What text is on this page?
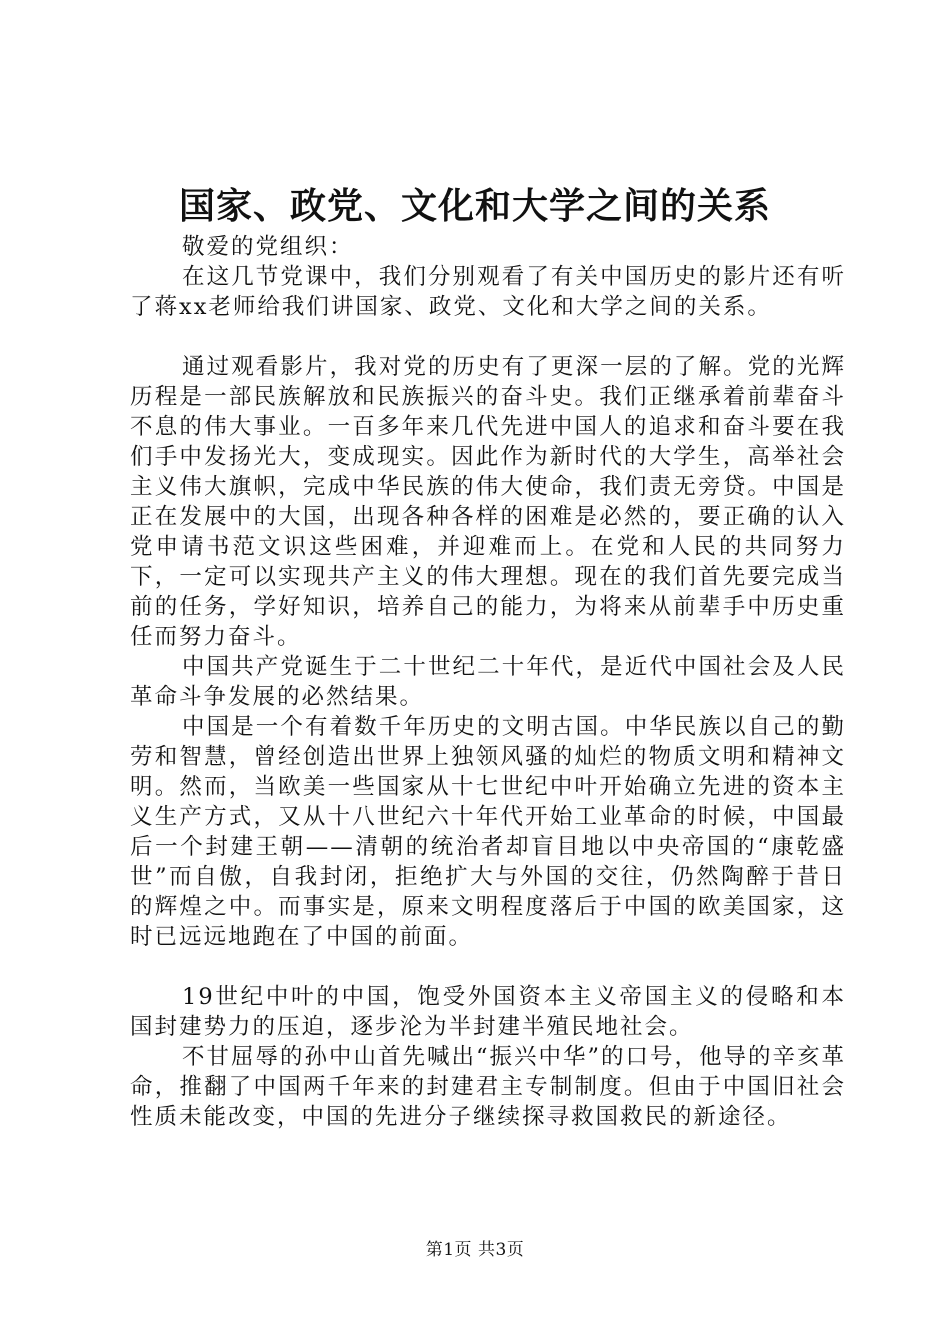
国家、政党、文化和大学之间的关系

敬爱的党组织：

在这几节党课中，我们分别观看了有关中国历史的影片还有听了蒋xx老师给我们讲国家、政党、文化和大学之间的关系。

通过观看影片，我对党的历史有了更深一层的了解。党的光辉历程是一部民族解放和民族振兴的奋斗史。我们正继承着前辈奋斗不息的伟大事业。一百多年来几代先进中国人的追求和奋斗要在我们手中发扬光大，变成现实。因此作为新时代的大学生，高举社会主义伟大旗帜，完成中华民族的伟大使命，我们责无旁贷。中国是正在发展中的大国，出现各种各样的困难是必然的，要正确的认入党申请书范文识这些困难，并迎难而上。在党和人民的共同努力下，一定可以实现共产主义的伟大理想。现在的我们首先要完成当前的任务，学好知识，培养自己的能力，为将来从前辈手中历史重任而努力奋斗。

中国共产党诞生于二十世纪二十年代，是近代中国社会及人民革命斗争发展的必然结果。

中国是一个有着数千年历史的文明古国。中华民族以自己的勤劳和智慧，曾经创造出世界上独领风骚的灿烂的物质文明和精神文明。然而，当欧美一些国家从十七世纪中叶开始确立先进的资本主义生产方式，又从十八世纪六十年代开始工业革命的时候，中国最后一个封建王朝——清朝的统治者却盲目地以中央帝国的“康乾盛世”而自傲，自我封闭，拒绝扩大与外国的交往，仍然陶醉于昔日的辉煌之中。而事实是，原来文明程度落后于中国的欧美国家，这时已远远地跑在了中国的前面。

19世纪中叶的中国，饱受外国资本主义帝国主义的侵略和本国封建势力的压迫，逐步沦为半封建半殖民地社会。

不甘屈辱的孙中山首先喊出“振兴中华”的口号，他导的辛亥革命，推翻了中国两千年来的封建君主专制制度。但由于中国旧社会性质未能改变，中国的先进分子继续探寻救国救民的新途径。

第1页 共3页
